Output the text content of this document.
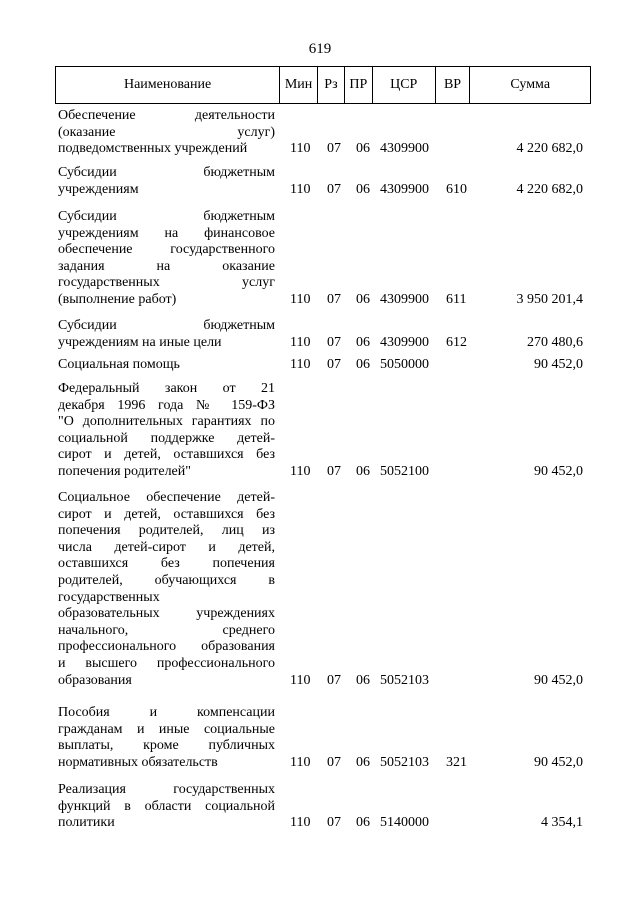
619
Наименование	Мин Рз ПР	ЦСР	ВР	Сумма
Обеспечение деятельности
(оказание услуг)
подведомственных учреждений	110 07 06 4309900	4 220 682,0
Субсидии бюджетным
учреждениям	110 07 06 4309900 610	4 220 682,0
Субсидии бюджетным
учреждениям на финансовое
обеспечение государственного
задания на оказание
государственных услуг
(выполнение работ)	110 07 06 4309900 611	3 950 201,4
Субсидии бюджетным
учреждениям на иные цели	110 07 06 4309900 612	270 480,6
Социальная помощь	110 07 06 5050000	90 452,0
Федеральный закон от 21
декабря 1996 года № 159-ФЗ
"О дополнительных гарантиях по
социальной поддержке детей-
сирот и детей, оставшихся без
попечения родителей"	110 07 06 5052100	90 452,0
Социальное обеспечение детей-
сирот и детей, оставшихся без
попечения родителей, лиц из
числа детей-сирот и детей,
оставшихся без попечения
родителей, обучающихся в
государственных
образовательных учреждениях
начального, среднего
профессионального образования
и высшего профессионального
образования	110 07 06 5052103	90 452,0
Пособия и компенсации
гражданам и иные социальные
выплаты, кроме публичных
нормативных обязательств	110 07 06 5052103 321	90 452,0
Реализация государственных
функций в области социальной
политики	110 07 06 5140000	4 354,1
